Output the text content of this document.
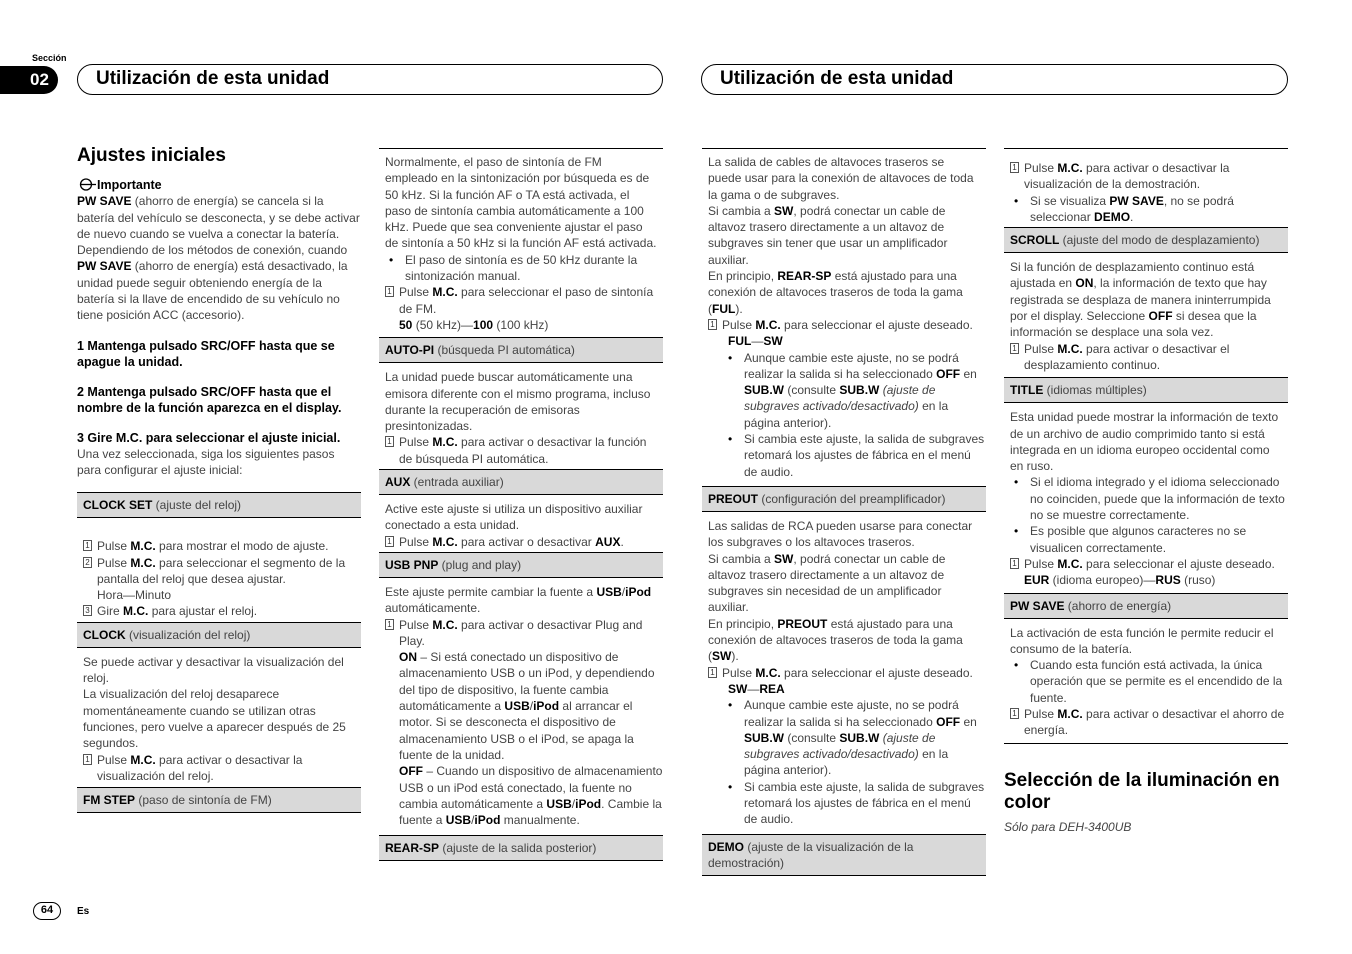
Sección
02	Utilización de esta unidad	Utilización de esta unidad
Ajustes iniciales
Importante

PW SAVE (ahorro de energía) se cancela si la batería del vehículo se desconecta, y se debe activar de nuevo cuando se vuelva a conectar la batería. Dependiendo de los métodos de conexión, cuando PW SAVE (ahorro de energía) está desactivado, la unidad puede seguir obteniendo energía de la batería si la llave de encendido de su vehículo no tiene posición ACC (accesorio).

1 Mantenga pulsado SRC/OFF hasta que se apague la unidad.

2 Mantenga pulsado SRC/OFF hasta que el nombre de la función aparezca en el display.

3 Gire M.C. para seleccionar el ajuste inicial.

Una vez seleccionada, siga los siguientes pasos para configurar el ajuste inicial:

CLOCK SET (ajuste del reloj)
1 Pulse M.C. para mostrar el modo de ajuste.
2 Pulse M.C. para seleccionar el segmento de la pantalla del reloj que desea ajustar.
Hora—Minuto
3 Gire M.C. para ajustar el reloj.
CLOCK (visualización del reloj)

Se puede activar y desactivar la visualización del reloj.

La visualización del reloj desaparece momentáneamente cuando se utilizan otras funciones, pero vuelve a aparecer después de 25 segundos.

1 Pulse M.C. para activar o desactivar la visualización del reloj.
FM STEP (paso de sintonía de FM)

Normalmente, el paso de sintonía de FM empleado en la sintonización por búsqueda es de 50 kHz. Si la función AF o TA está activada, el paso de sintonía cambia automáticamente a 100 kHz. Puede que sea conveniente ajustar el paso de sintonía a 50 kHz si la función AF está activada.

• El paso de sintonía es de 50 kHz durante la sintonización manual.
1 Pulse M.C. para seleccionar el paso de sintonía de FM.
50 (50 kHz)—100 (100 kHz)
AUTO-PI (búsqueda PI automática)

La unidad puede buscar automáticamente una emisora diferente con el mismo programa, incluso durante la recuperación de emisoras presintonizadas.

1 Pulse M.C. para activar o desactivar la función de búsqueda PI automática.
AUX (entrada auxiliar)

Active este ajuste si utiliza un dispositivo auxiliar conectado a esta unidad.

1 Pulse M.C. para activar o desactivar AUX.
USB PNP (plug and play)

Este ajuste permite cambiar la fuente a USB/iPod automáticamente.

1 Pulse M.C. para activar o desactivar Plug and Play.
ON – Si está conectado un dispositivo de almacenamiento USB o un iPod, y dependiendo del tipo de dispositivo, la fuente cambia automáticamente a USB/iPod al arrancar el motor. Si se desconecta el dispositivo de almacenamiento USB o el iPod, se apaga la fuente de la unidad.
OFF – Cuando un dispositivo de almacenamiento USB o un iPod está conectado, la fuente no cambia automáticamente a USB/iPod. Cambie la fuente a USB/iPod manualmente.
REAR-SP (ajuste de la salida posterior)

La salida de cables de altavoces traseros se puede usar para la conexión de altavoces de toda la gama o de subgraves.

Si cambia a SW, podrá conectar un cable de altavoz trasero directamente a un altavoz de subgraves sin tener que usar un amplificador auxiliar.

En principio, REAR-SP está ajustado para una conexión de altavoces traseros de toda la gama (FUL).

1 Pulse M.C. para seleccionar el ajuste deseado.
FUL—SW
• Aunque cambie este ajuste, no se podrá realizar la salida si ha seleccionado OFF en SUB.W (consulte SUB.W (ajuste de subgraves activado/desactivado) en la página anterior).
• Si cambia este ajuste, la salida de subgraves retomará los ajustes de fábrica en el menú de audio.
PREOUT (configuración del preamplificador)

Las salidas de RCA pueden usarse para conectar los subgraves o los altavoces traseros.

Si cambia a SW, podrá conectar un cable de altavoz trasero directamente a un altavoz de subgraves sin necesidad de un amplificador auxiliar.

En principio, PREOUT está ajustado para una conexión de altavoces traseros de toda la gama (SW).

1 Pulse M.C. para seleccionar el ajuste deseado.
SW—REA
• Aunque cambie este ajuste, no se podrá realizar la salida si ha seleccionado OFF en SUB.W (consulte SUB.W (ajuste de subgraves activado/desactivado) en la página anterior).
• Si cambia este ajuste, la salida de subgraves retomará los ajustes de fábrica en el menú de audio.
DEMO (ajuste de la visualización de la demostración)
1 Pulse M.C. para activar o desactivar la visualización de la demostración.
• Si se visualiza PW SAVE, no se podrá seleccionar DEMO.
SCROLL (ajuste del modo de desplazamiento)

Si la función de desplazamiento continuo está ajustada en ON, la información de texto que hay registrada se desplaza de manera ininterrumpida por el display. Seleccione OFF si desea que la información se desplace una sola vez.

1 Pulse M.C. para activar o desactivar el desplazamiento continuo.
TITLE (idiomas múltiples)

Esta unidad puede mostrar la información de texto de un archivo de audio comprimido tanto si está integrada en un idioma europeo occidental como en ruso.

• Si el idioma integrado y el idioma seleccionado no coinciden, puede que la información de texto no se muestre correctamente.
• Es posible que algunos caracteres no se visualicen correctamente.
1 Pulse M.C. para seleccionar el ajuste deseado.
EUR (idioma europeo)—RUS (ruso)
PW SAVE (ahorro de energía)

La activación de esta función le permite reducir el consumo de la batería.

• Cuando esta función está activada, la única operación que se permite es el encendido de la fuente.
1 Pulse M.C. para activar o desactivar el ahorro de energía.
Selección de la iluminación en color

Sólo para DEH-3400UB

64	Es
